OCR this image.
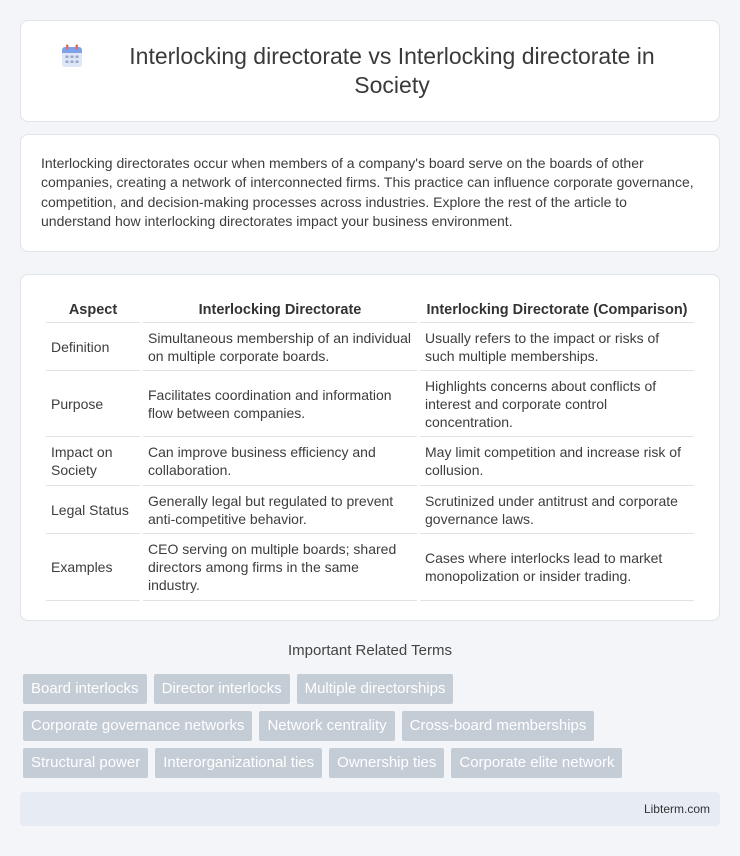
Interlocking directorate vs Interlocking directorate in Society

Interlocking directorates occur when members of a company's board serve on the boards of other companies, creating a network of interconnected firms. This practice can influence corporate governance, competition, and decision-making processes across industries. Explore the rest of the article to understand how interlocking directorates impact your business environment.

Aspect	Interlocking Directorate	Interlocking Directorate (Comparison)
Definition	Simultaneous membership of an individual on multiple corporate boards.	Usually refers to the impact or risks of such multiple memberships.
Purpose	Facilitates coordination and information flow between companies.	Highlights concerns about conflicts of interest and corporate control concentration.
Impact on Society	Can improve business efficiency and collaboration.	May limit competition and increase risk of collusion.
Legal Status	Generally legal but regulated to prevent anti-competitive behavior.	Scrutinized under antitrust and corporate governance laws.
Examples	CEO serving on multiple boards; shared directors among firms in the same industry.	Cases where interlocks lead to market monopolization or insider trading.
Important Related Terms
Board interlocks	Director interlocks	Multiple directorships
Corporate governance networks	Network centrality	Cross-board memberships
Structural power	Interorganizational ties	Ownership ties	Corporate elite network
Libterm.com
